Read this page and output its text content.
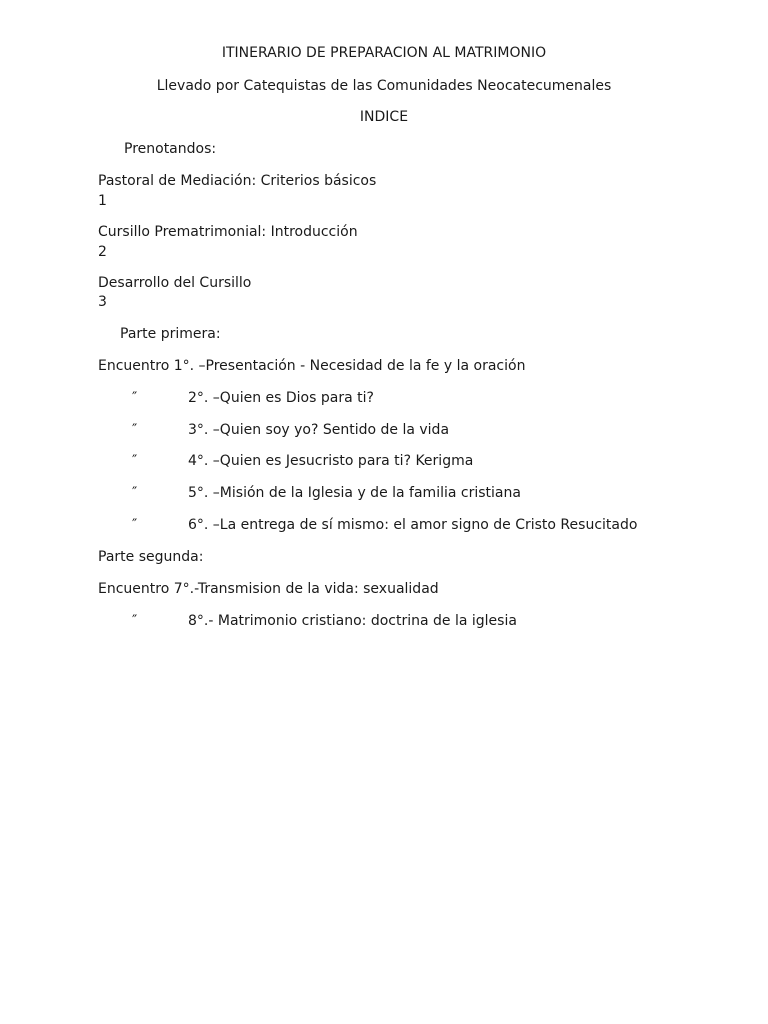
ITINERARIO DE PREPARACION AL MATRIMONIO
Llevado por Catequistas de las Comunidades Neocatecumenales
INDICE
Prenotandos:
Pastoral de Mediación: Criterios básicos
1
Cursillo Prematrimonial: Introducción
2
Desarrollo del Cursillo
3
Parte primera:
Encuentro 1°. –Presentación - Necesidad de la fe y la oración
″	2°. –Quien es Dios para ti?
″	3°. –Quien soy yo? Sentido de la vida
″	4°. –Quien es Jesucristo para ti? Kerigma
″	5°. –Misión de la Iglesia y de la familia cristiana
″	6°. –La entrega de sí mismo: el amor signo de Cristo Resucitado
Parte segunda:
Encuentro 7°.-Transmision de la vida: sexualidad
″	8°.- Matrimonio cristiano: doctrina de la iglesia
